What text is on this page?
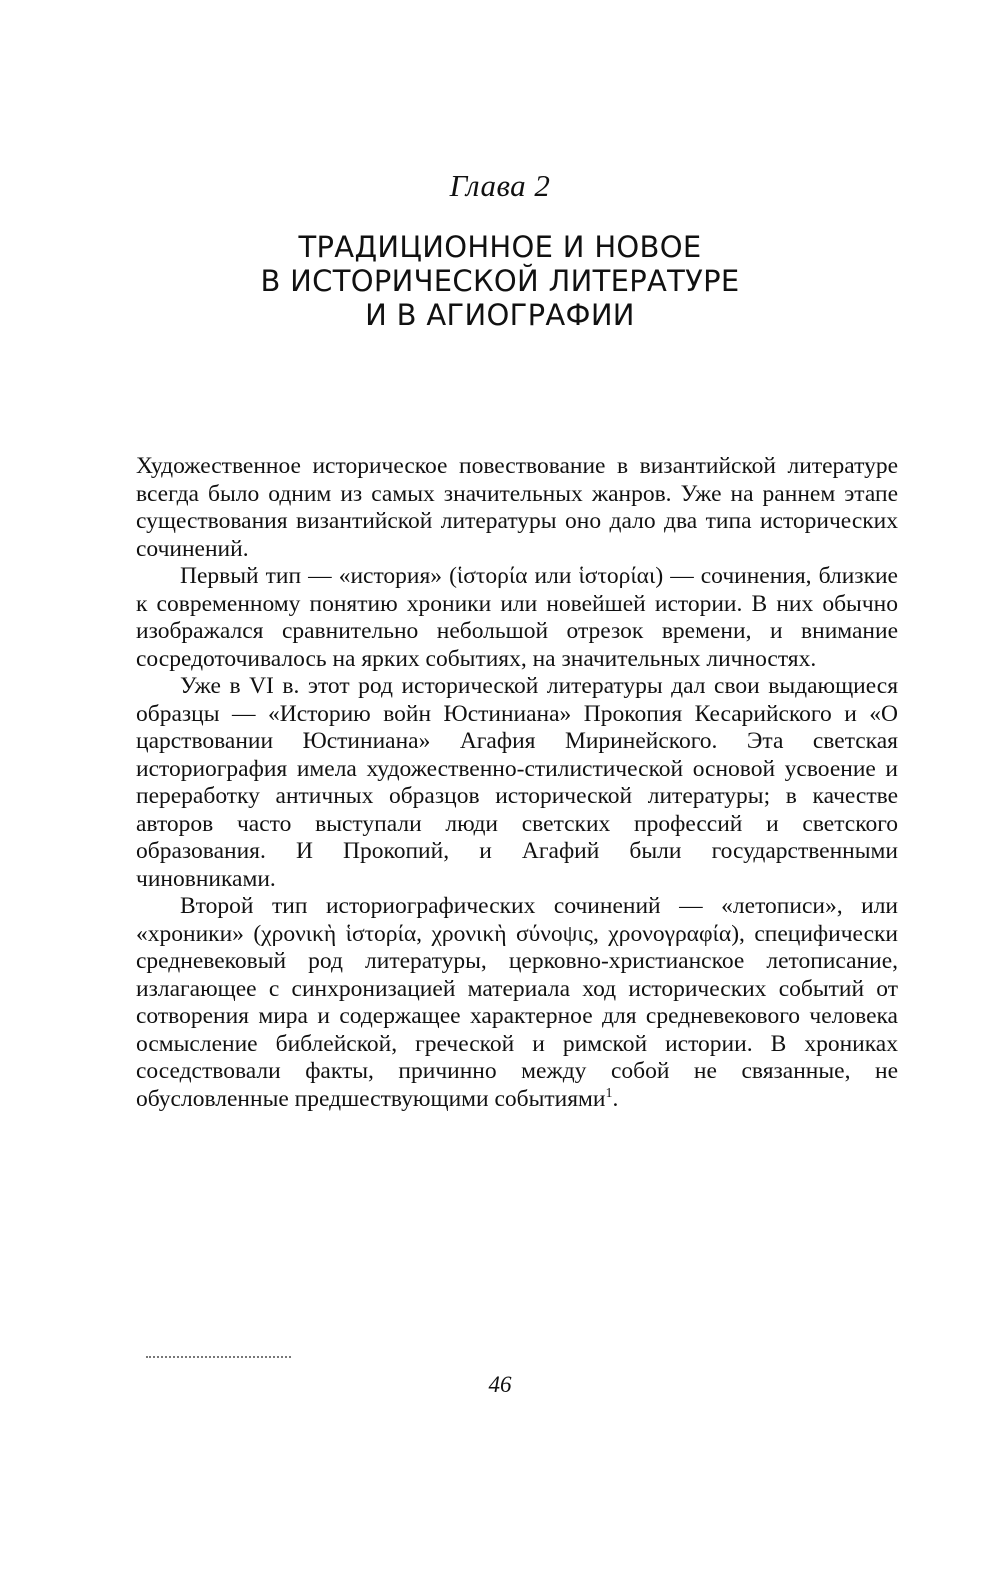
Глава 2
ТРАДИЦИОННОЕ И НОВОЕ
В ИСТОРИЧЕСКОЙ ЛИТЕРАТУРЕ
И В АГИОГРАФИИ

Художественное историческое повествование в византийской литературе всегда было одним из самых значительных жанров. Уже на раннем этапе существования византийской литературы оно дало два типа исторических сочинений.

Первый тип — «история» (ἱστορία или ἱστορίαι) — сочинения, близкие к современному понятию хроники или новейшей истории. В них обычно изображался сравнительно небольшой отрезок времени, и внимание сосредоточивалось на ярких событиях, на значительных личностях.

Уже в VI в. этот род исторической литературы дал свои выдающиеся образцы — «Историю войн Юстиниана» Прокопия Кесарийского и «О царствовании Юстиниана» Агафия Миринейского. Эта светская историография имела художественно-стилистической основой усвоение и переработку античных образцов исторической литературы; в качестве авторов часто выступали люди светских профессий и светского образования. И Прокопий, и Агафий были государственными чиновниками.

Второй тип историографических сочинений — «летописи», или «хроники» (χρονικὴ ἱστορία, χρονικὴ σύνοψις, χρονογραφία), специфически средневековый род литературы, церковно-христианское летописание, излагающее с синхронизацией материала ход исторических событий от сотворения мира и содержащее характерное для средневекового человека осмысление библейской, греческой и римской истории. В хрониках соседствовали факты, причинно между собой не связанные, не обусловленные предшествующими событиями$^1$.

46
